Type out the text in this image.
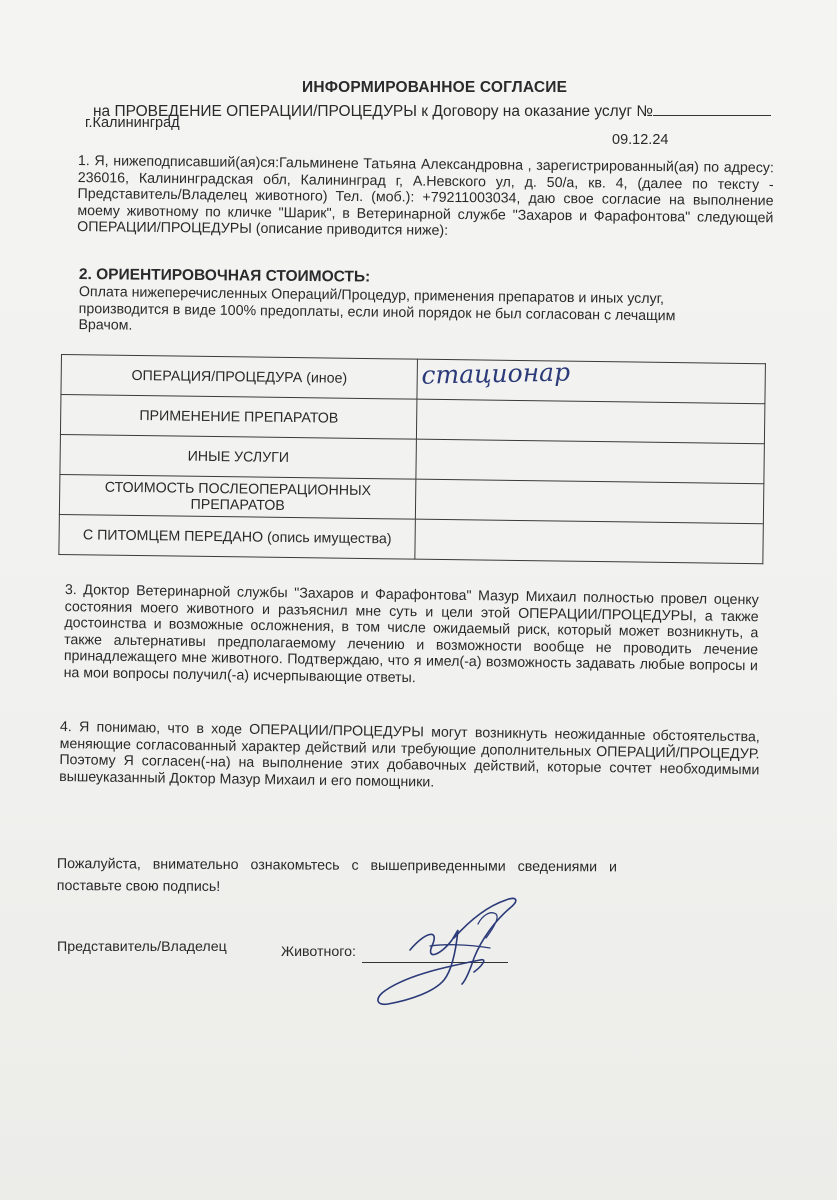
ИНФОРМИРОВАННОЕ СОГЛАСИЕ
на ПРОВЕДЕНИЕ ОПЕРАЦИИ/ПРОЦЕДУРЫ к Договору на оказание услуг №
г.Калининград
09.12.24
1. Я, нижеподписавший(ая)ся:Гальминене Татьяна Александровна , зарегистрированный(ая) по адресу: 236016, Калининградская обл, Калининград г, А.Невского ул, д. 50/а, кв. 4, (далее по тексту - Представитель/Владелец животного) Тел. (моб.): +79211003034, даю свое согласие на выполнение моему животному по кличке "Шарик", в Ветеринарной службе "Захаров и Фарафонтова" следующей ОПЕРАЦИИ/ПРОЦЕДУРЫ (описание приводится ниже):
2. ОРИЕНТИРОВОЧНАЯ СТОИМОСТЬ:
Оплата нижеперечисленных Операций/Процедур, применения препаратов и иных услуг, производится в виде 100% предоплаты, если иной порядок не был согласован с лечащим Врачом.
ОПЕРАЦИЯ/ПРОЦЕДУРА (иное)	стационар

ПРИМЕНЕНИЕ ПРЕПАРАТОВ	
ИНЫЕ УСЛУГИ	
СТОИМОСТЬ ПОСЛЕОПЕРАЦИОННЫХ ПРЕПАРАТОВ	
С ПИТОМЦЕМ ПЕРЕДАНО (опись имущества)	
3. Доктор Ветеринарной службы "Захаров и Фарафонтова" Мазур Михаил полностью провел оценку состояния моего животного и разъяснил мне суть и цели этой ОПЕРАЦИИ/ПРОЦЕДУРЫ, а также достоинства и возможные осложнения, в том числе ожидаемый риск, который может возникнуть, а также альтернативы предполагаемому лечению и возможности вообще не проводить лечение принадлежащего мне животного. Подтверждаю, что я имел(-а) возможность задавать любые вопросы и на мои вопросы получил(-а) исчерпывающие ответы.
4. Я понимаю, что в ходе ОПЕРАЦИИ/ПРОЦЕДУРЫ могут возникнуть неожиданные обстоятельства, меняющие согласованный характер действий или требующие дополнительных ОПЕРАЦИЙ/ПРОЦЕДУР. Поэтому Я согласен(-на) на выполнение этих добавочных действий, которые сочтет необходимыми вышеуказанный Доктор Мазур Михаил и его помощники.
Пожалуйста, внимательно ознакомьтесь с вышеприведенными сведениями и поставьте свою подпись!
Представитель/Владелец	Животного:
